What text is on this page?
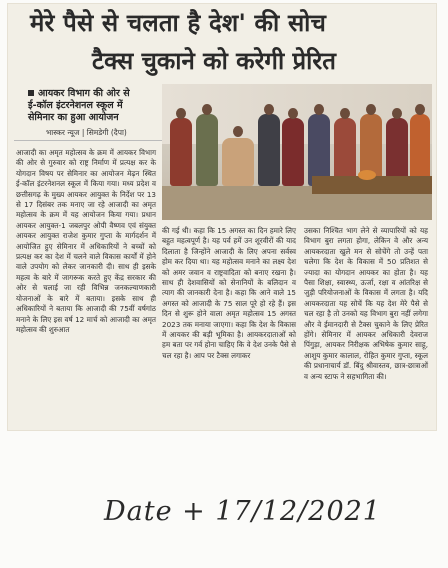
मेरे पैसे से चलता है देश' की सोच
टैक्स चुकाने को करेगी प्रेरित
आयकर विभाग की ओर से
ई-कॉल इंटरनेशनल स्कूल में
सेमिनार का हुआ आयोजन
भास्कर न्यूज | सिमडेगी (दैपा)
आजादी का अमृत महोत्सव के क्रम में आयकर विभाग की ओर से गुरुवार को राष्ट्र निर्माण में प्रत्यक्ष कर के योगदान विषय पर सेमिनार का आयोजन मेढ़न स्थित ई-कॉल इंटरनेशनल स्कूल में किया गया। मध्य प्रदेश व छत्तीसगढ़ के मुख्य आयकर आयुक्त के निर्देश पर 13 से 17 दिसंबर तक मनाए जा रहे आजादी का अमृत महोत्सव के क्रम में यह आयोजन किया गया। प्रधान आयकर आयुक्त-1 जबलपुर ओपी वैष्णव एवं संयुक्त आयकर आयुक्त राजेश कुमार गुप्ता के मार्गदर्शन में आयोजित हुए सेमिनार में अधिकारियों ने बच्चों को प्रत्यक्ष कर का देश में चलने वाले विकास कार्यों में होने वाले उपयोग को लेकर जानकारी दी। साथ ही इसके महत्व के बारे में जागरूक करते हुए केंद्र सरकार की ओर से चलाई जा रही विभिन्न जनकल्याणकारी योजनाओं के बारे में बताया। इसके साथ ही अधिकारियों ने बताया कि आजादी की 75वीं वर्षगांठ मनाने के लिए इस वर्ष 12 मार्च को आजादी का अमृत महोत्सव की शुरुआत
की गई थी। कहा कि 15 अगस्त का दिन हमारे लिए बहुत महत्वपूर्ण है। यह पर्व हमें उन शूरवीरों की याद दिलाता है जिन्होंने आजादी के लिए अपना सर्वस्व होम कर दिया था। यह महोत्सव मनाने का लक्ष्य देश को अमर जवान व राष्ट्रवादिता को बनाए रखना है। साथ ही देशवासियों को सेनानियों के बलिदान व त्याग की जानकारी देना है। कहा कि आने वाले 15 अगस्त को आजादी के 75 साल पूरे हो रहे हैं। इस दिन से शुरू होने वाला अमृत महोत्सव 15 अगस्त 2023 तक मनाया जाएगा। कहा कि देश के विकास में आयकर की बड़ी भूमिका है। आयकरदाताओं को हम बता पर गर्व होना चाहिए कि वे देश उनके पैसे से चल रहा है। आप पर टैक्स लगाकर
उसका निश्चित भाग लेने से व्यापारियों को यह विभाग बुरा लगता होगा, लेकिन वे और अन्य आयकरदाता खुले मन से सोचेंगे तो उन्हें पता चलेगा कि देश के विकास में 50 प्रतिशत से ज्यादा का योगदान आयकर का होता है। यह पैसा शिक्षा, स्वास्थ्य, ऊर्जा, रक्षा व आंतरिक्ष से जुड़ी परियोजनाओं के विकास में लगता है। यदि आयकरदाता यह सोचें कि यह देश मेरे पैसे से चल रहा है तो उनको यह विभाग बुरा नहीं लगेगा और वे ईमानदारी से टैक्स चुकाने के लिए प्रेरित होंगे। सेमिनार में आयकर अधिकारी देवराज पिंगुड़ा, आयकर निरीक्षक अभिषेक कुमार साहू, आशुय कुमार कालाल, रोहित कुमार गुप्ता, स्कूल की प्रधानाचार्य डॉ. बिंदु श्रीवास्तव, छात्र-छात्राओं व अन्य स्टाफ ने सहभागिता की।
Date + 17/12/2021
